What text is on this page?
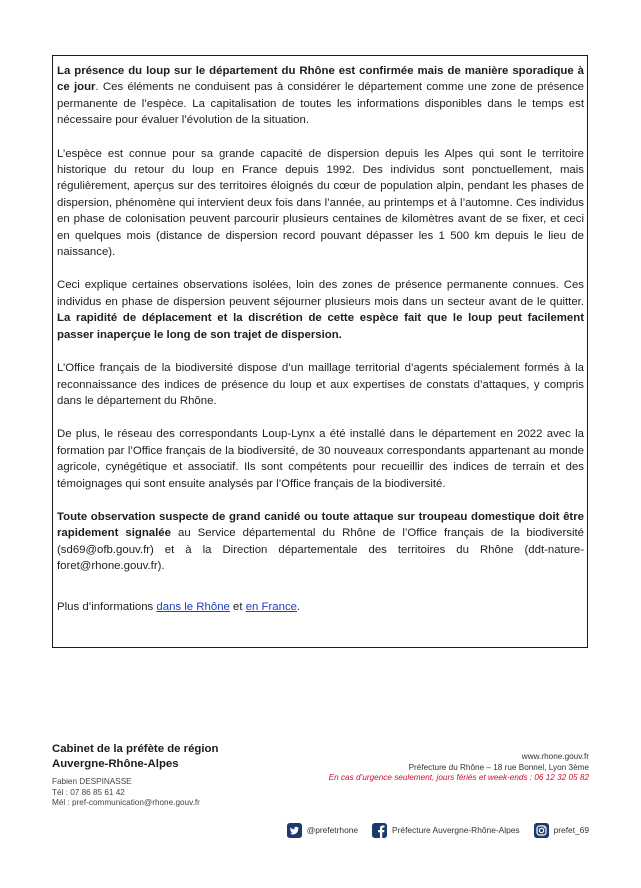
La présence du loup sur le département du Rhône est confirmée mais de manière sporadique à ce jour. Ces éléments ne conduisent pas à considérer le département comme une zone de présence permanente de l’espèce. La capitalisation de toutes les informations disponibles dans le temps est nécessaire pour évaluer l’évolution de la situation.

L’espèce est connue pour sa grande capacité de dispersion depuis les Alpes qui sont le territoire historique du retour du loup en France depuis 1992. Des individus sont ponctuellement, mais régulièrement, aperçus sur des territoires éloignés du cœur de population alpin, pendant les phases de dispersion, phénomène qui intervient deux fois dans l’année, au printemps et à l’automne. Ces individus en phase de colonisation peuvent parcourir plusieurs centaines de kilomètres avant de se fixer, et ceci en quelques mois (distance de dispersion record pouvant dépasser les 1 500 km depuis le lieu de naissance).

Ceci explique certaines observations isolées, loin des zones de présence permanente connues. Ces individus en phase de dispersion peuvent séjourner plusieurs mois dans un secteur avant de le quitter. La rapidité de déplacement et la discrétion de cette espèce fait que le loup peut facilement passer inaperçue le long de son trajet de dispersion.

L’Office français de la biodiversité dispose d’un maillage territorial d’agents spécialement formés à la reconnaissance des indices de présence du loup et aux expertises de constats d’attaques, y compris dans le département du Rhône.

De plus, le réseau des correspondants Loup-Lynx a été installé dans le département en 2022 avec la formation par l’Office français de la biodiversité, de 30 nouveaux correspondants appartenant au monde agricole, cynégétique et associatif. Ils sont compétents pour recueillir des indices de terrain et des témoignages qui sont ensuite analysés par l’Office français de la biodiversité.

Toute observation suspecte de grand canidé ou toute attaque sur troupeau domestique doit être rapidement signalée au Service départemental du Rhône de l’Office français de la biodiversité (sd69@ofb.gouv.fr) et à la Direction départementale des territoires du Rhône (ddt-nature-foret@rhone.gouv.fr).

Plus d’informations dans le Rhône et en France.

Cabinet de la préfète de région
Auvergne-Rhône-Alpes

Fabien DESPINASSE
Tél : 07 86 85 61 42
Mél : pref-communication@rhone.gouv.fr
www.rhone.gouv.fr
Préfecture du Rhône – 18 rue Bonnel, Lyon 3ème
En cas d’urgence seulement, jours fériés et week-ends : 06 12 32 05 82
@prefetrhone	Préfecture Auvergne-Rhône-Alpes	prefet_69
